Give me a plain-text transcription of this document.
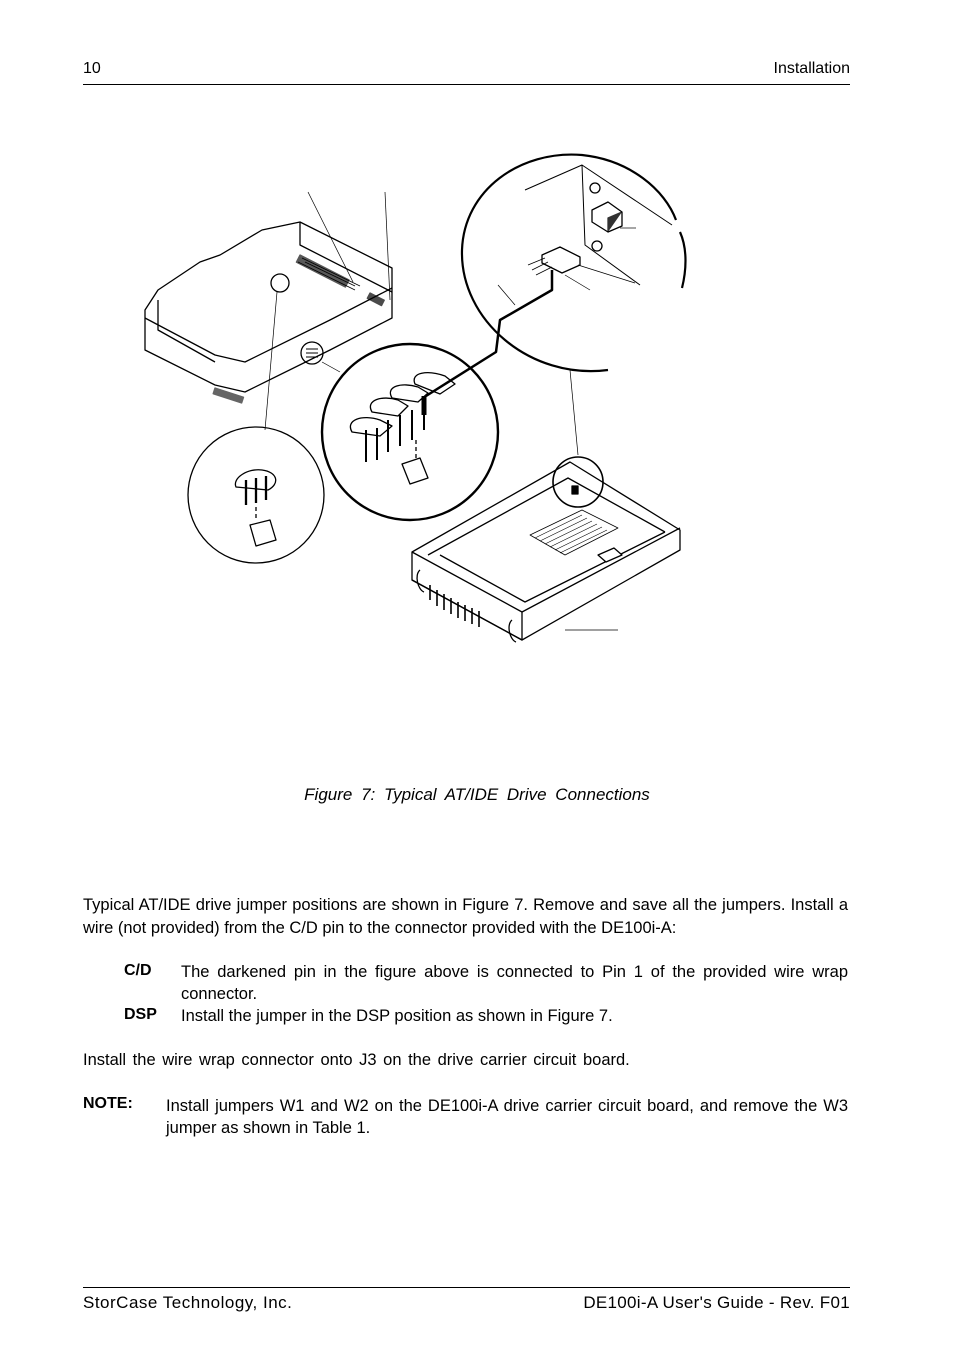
10	Installation
Figure 7: Typical AT/IDE Drive Connections
Typical AT/IDE drive jumper positions are shown in Figure 7. Remove and save all the jumpers. Install a wire (not provided) from the C/D pin to the connector provided with the DE100i-A:
C/D	The darkened pin in the figure above is connected to Pin 1 of the provided wire wrap connector.
DSP	Install the jumper in the DSP position as shown in Figure 7.
Install the wire wrap connector onto J3 on the drive carrier circuit board.
NOTE: Install jumpers W1 and W2 on the DE100i-A drive carrier circuit board, and remove the W3 jumper as shown in Table 1.
StorCase Technology, Inc.	DE100i-A User's Guide - Rev. F01
